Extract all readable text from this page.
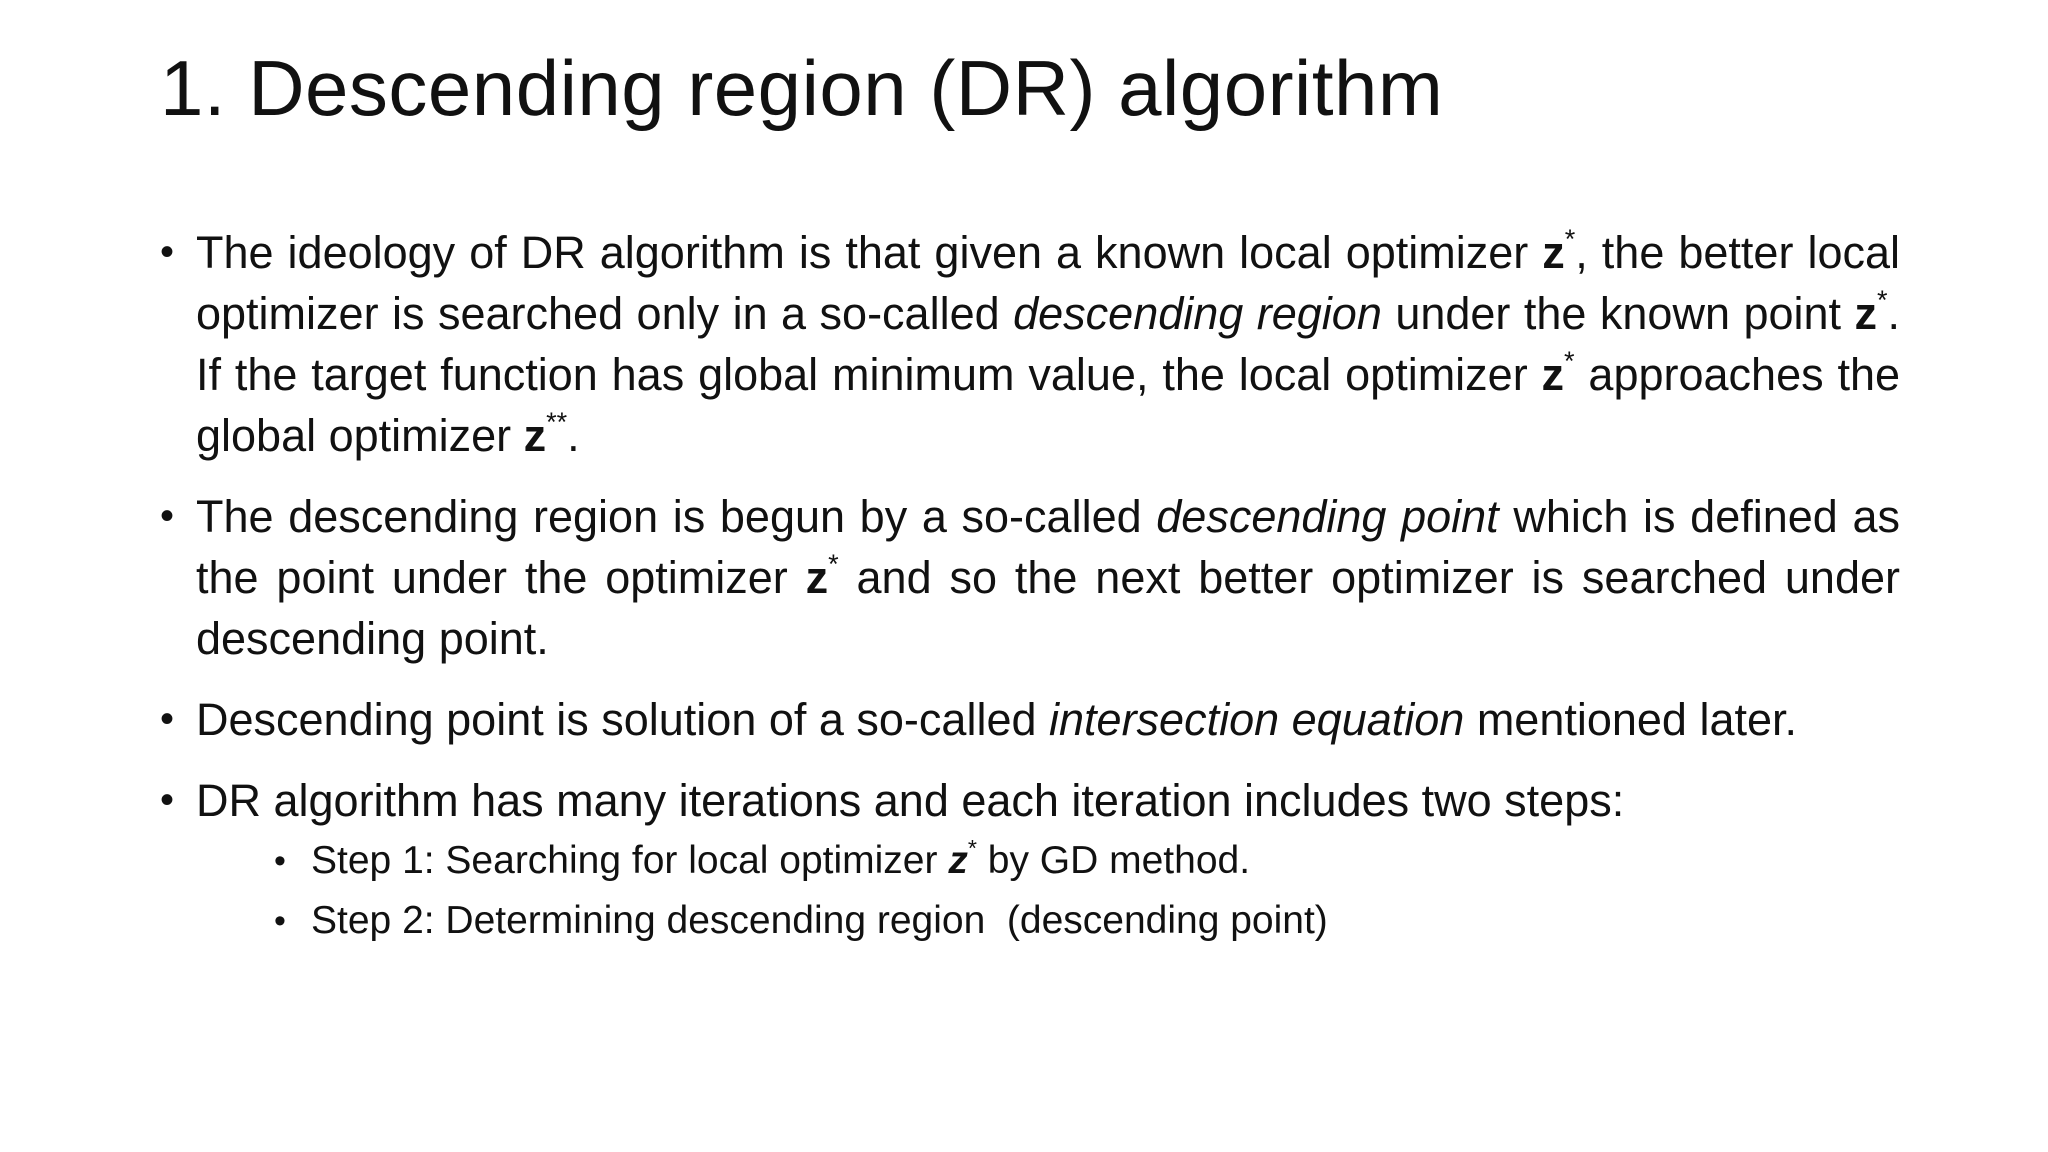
1. Descending region (DR) algorithm
• The ideology of DR algorithm is that given a known local optimizer z*, the better local optimizer is searched only in a so-called descending region under the known point z*. If the target function has global minimum value, the local optimizer z* approaches the global optimizer z**.
• The descending region is begun by a so-called descending point which is defined as the point under the optimizer z* and so the next better optimizer is searched under descending point.
• Descending point is solution of a so-called intersection equation mentioned later.
• DR algorithm has many iterations and each iteration includes two steps:
• Step 1: Searching for local optimizer z* by GD method.
• Step 2: Determining descending region  (descending point)
